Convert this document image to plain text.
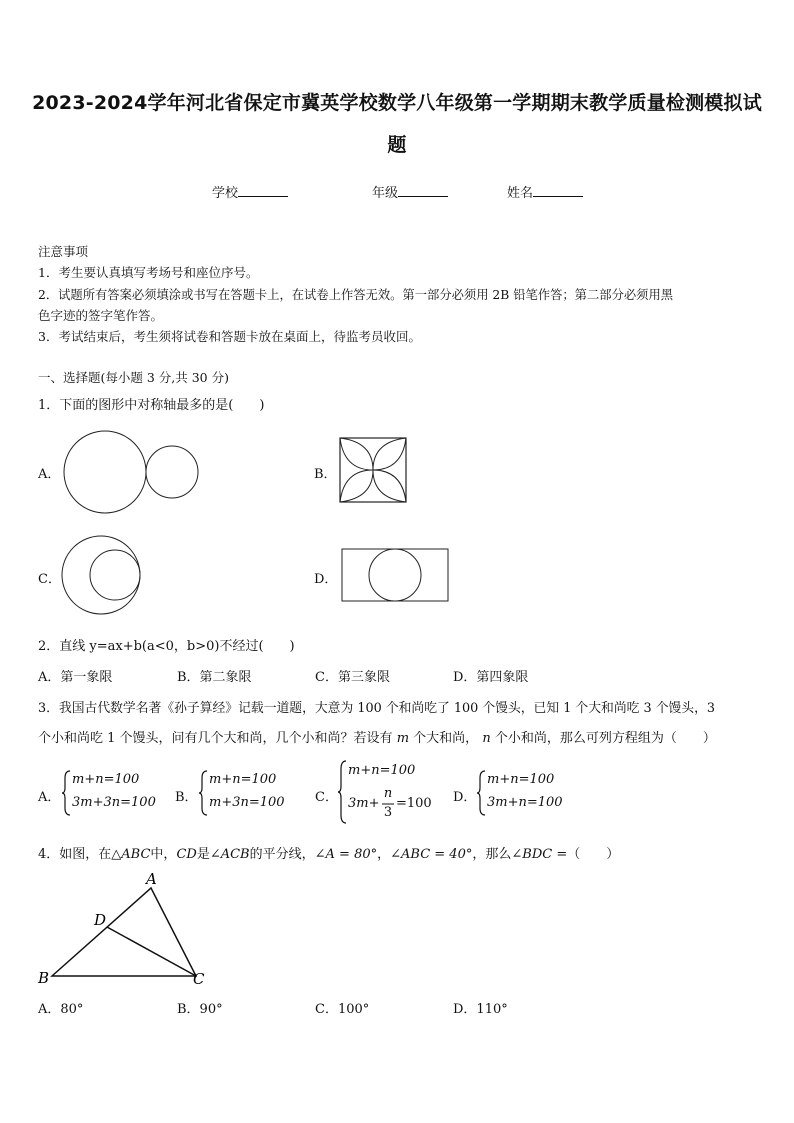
2023-2024学年河北省保定市冀英学校数学八年级第一学期期末教学质量检测模拟试
题
学校	年级	姓名
注意事项
1．考生要认真填写考场号和座位序号。
2．试题所有答案必须填涂或书写在答题卡上，在试卷上作答无效。第一部分必须用 2B 铅笔作答；第二部分必须用黑
色字迹的签字笔作答。
3．考试结束后，考生须将试卷和答题卡放在桌面上，待监考员收回。
一、选择题(每小题 3 分,共 30 分)
1．下面的图形中对称轴最多的是(　　)
A．	B．
C．	D．
2．直线 y=ax+b(a<0，b>0)不经过(　　)
A．第一象限	B．第二象限	C．第三象限	D．第四象限
3．我国古代数学名著《孙子算经》记载一道题，大意为 100 个和尚吃了 100 个馒头，已知 1 个大和尚吃 3 个馒头，3
个小和尚吃 1 个馒头，问有几个大和尚，几个小和尚？若设有 m 个大和尚， n 个小和尚，那么可列方程组为（　　）
A．
m+n=100
3m+3n=100 B．
m+n=100
m+3n=100 C．
m+n=100
3m+
n
3
=100 D．
m+n=100
3m+n=100
4．如图，在△ABC中，CD是∠ACB的平分线，∠A = 80°，∠ABC = 40°，那么∠BDC =（　　）
A
B	C
D
A．80°	B．90°	C．100°	D．110°
